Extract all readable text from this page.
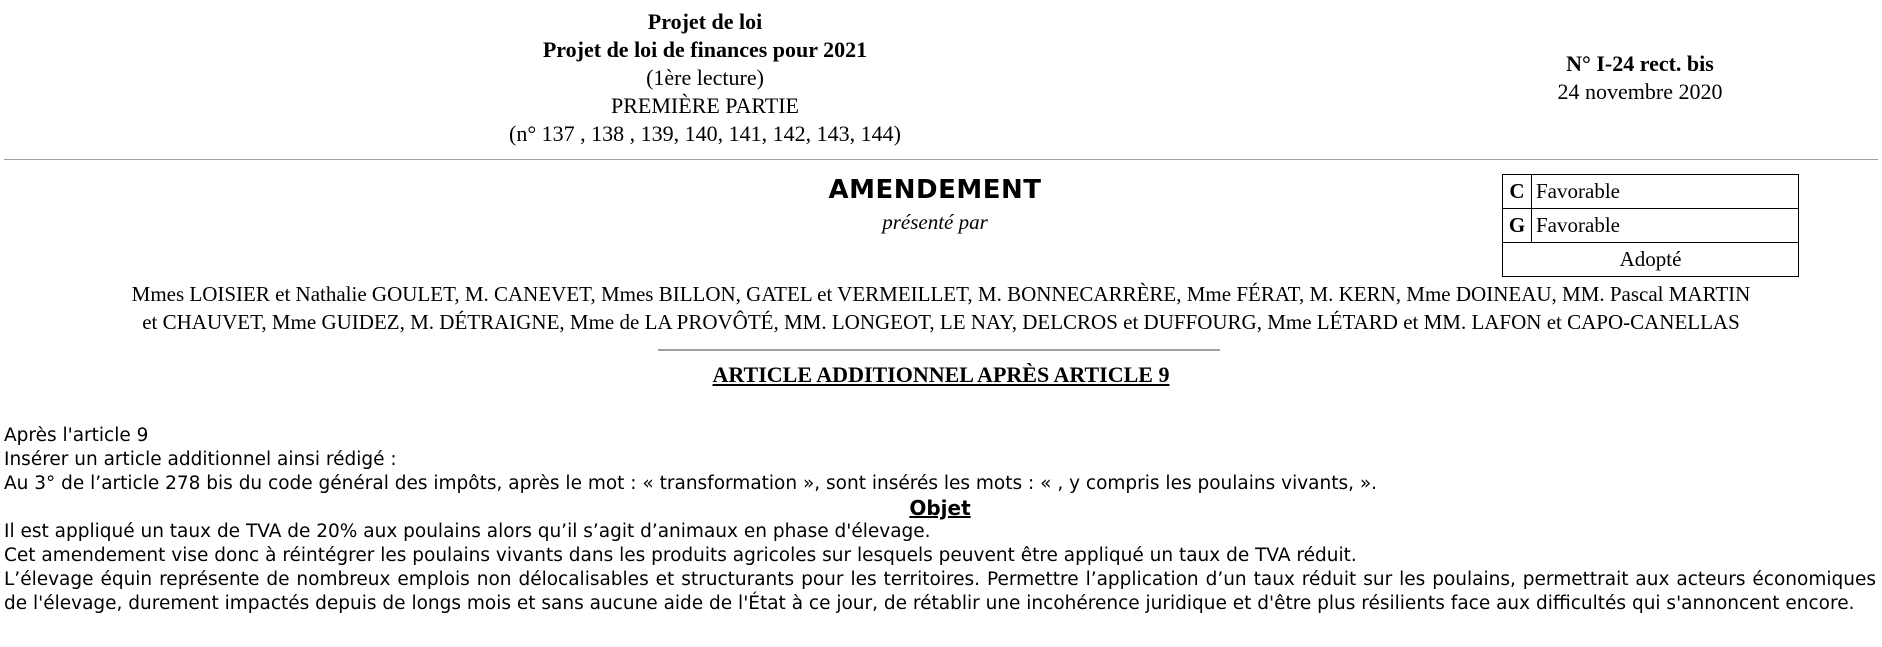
Projet de loi
Projet de loi de finances pour 2021
(1ère lecture)
PREMIÈRE PARTIE
(n° 137 , 138 , 139, 140, 141, 142, 143, 144)
N° I-24 rect. bis
24 novembre 2020
AMENDEMENT
présenté par
C	Favorable
G	Favorable
Adopté	
Mmes LOISIER et Nathalie GOULET, M. CANEVET, Mmes BILLON, GATEL et VERMEILLET, M. BONNECARRÈRE, Mme FÉRAT, M. KERN, Mme DOINEAU, MM. Pascal MARTIN
et CHAUVET, Mme GUIDEZ, M. DÉTRAIGNE, Mme de LA PROVÔTÉ, MM. LONGEOT, LE NAY, DELCROS et DUFFOURG, Mme LÉTARD et MM. LAFON et CAPO-CANELLAS
ARTICLE ADDITIONNEL APRÈS ARTICLE 9

Après l'article 9

Insérer un article additionnel ainsi rédigé :

Au 3° de l’article 278 bis du code général des impôts, après le mot : « transformation », sont insérés les mots : « , y compris les poulains vivants, ».

Objet

Il est appliqué un taux de TVA de 20% aux poulains alors qu’il s’agit d’animaux en phase d'élevage.

Cet amendement vise donc à réintégrer les poulains vivants dans les produits agricoles sur lesquels peuvent être appliqué un taux de TVA réduit.

L’élevage équin représente de nombreux emplois non délocalisables et structurants pour les territoires. Permettre l’application d’un taux réduit sur les poulains, permettrait aux acteurs économiques de l'élevage, durement impactés depuis de longs mois et sans aucune aide de l'État à ce jour, de rétablir une incohérence juridique et d'être plus résilients face aux difficultés qui s'annoncent encore.
